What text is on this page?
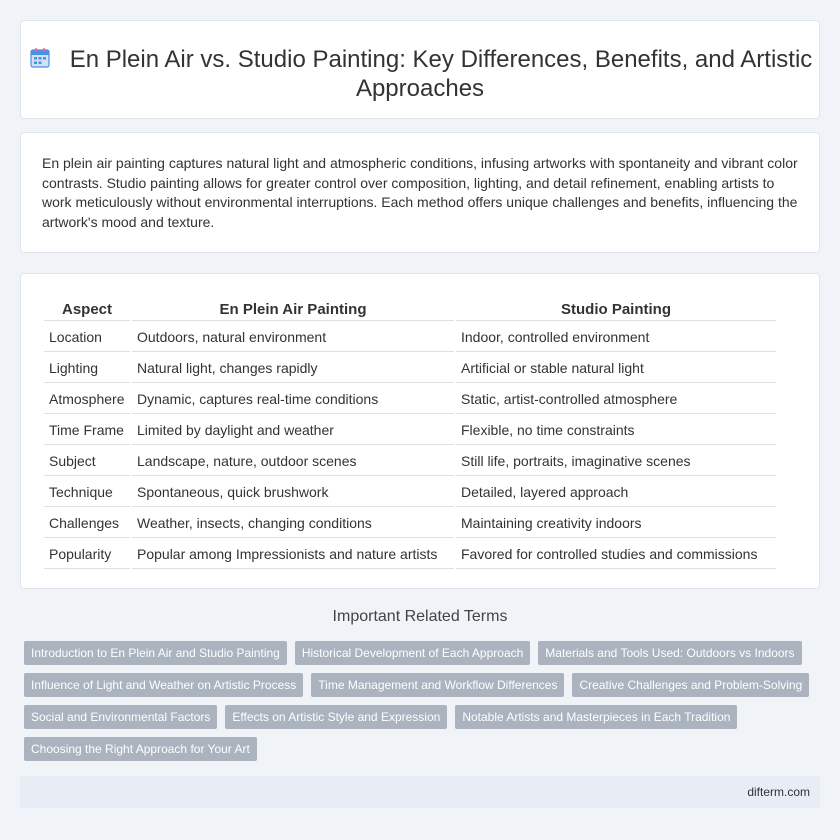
En Plein Air vs. Studio Painting: Key Differences, Benefits, and Artistic Approaches

En plein air painting captures natural light and atmospheric conditions, infusing artworks with spontaneity and vibrant color contrasts. Studio painting allows for greater control over composition, lighting, and detail refinement, enabling artists to work meticulously without environmental interruptions. Each method offers unique challenges and benefits, influencing the artwork's mood and texture.

Aspect	En Plein Air Painting	Studio Painting
Location	Outdoors, natural environment	Indoor, controlled environment
Lighting	Natural light, changes rapidly	Artificial or stable natural light
Atmosphere	Dynamic, captures real-time conditions	Static, artist-controlled atmosphere
Time Frame	Limited by daylight and weather	Flexible, no time constraints
Subject	Landscape, nature, outdoor scenes	Still life, portraits, imaginative scenes
Technique	Spontaneous, quick brushwork	Detailed, layered approach
Challenges	Weather, insects, changing conditions	Maintaining creativity indoors
Popularity	Popular among Impressionists and nature artists	Favored for controlled studies and commissions
Important Related Terms
Introduction to En Plein Air and Studio Painting	Historical Development of Each Approach	Materials and Tools Used: Outdoors vs Indoors
Influence of Light and Weather on Artistic Process	Time Management and Workflow Differences	Creative Challenges and Problem-Solving
Social and Environmental Factors	Effects on Artistic Style and Expression	Notable Artists and Masterpieces in Each Tradition
Choosing the Right Approach for Your Art
difterm.com
